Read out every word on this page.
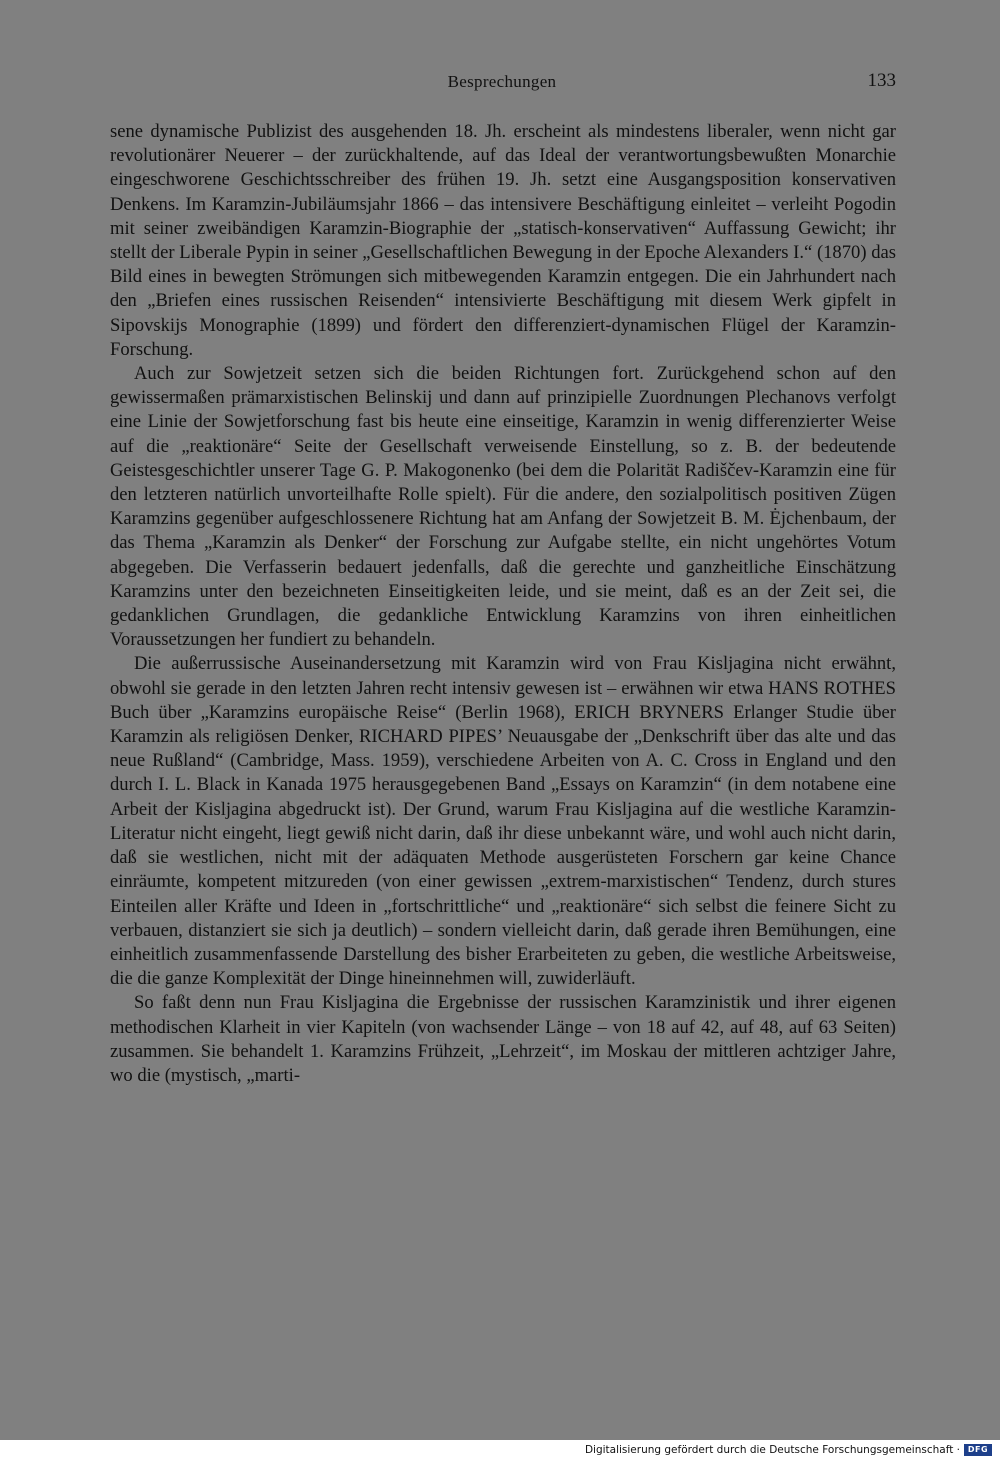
Besprechungen	133

sene dynamische Publizist des ausgehenden 18. Jh. erscheint als mindestens liberaler, wenn nicht gar revolutionärer Neuerer – der zurückhaltende, auf das Ideal der verantwortungsbewußten Monarchie eingeschworene Geschichtsschreiber des frühen 19. Jh. setzt eine Ausgangsposition konservativen Denkens. Im Karamzin-Jubiläumsjahr 1866 – das intensivere Beschäftigung einleitet – verleiht Pogodin mit seiner zweibändigen Karamzin-Biographie der „statisch-konservativen“ Auffassung Gewicht; ihr stellt der Liberale Pypin in seiner „Gesellschaftlichen Bewegung in der Epoche Alexanders I.“ (1870) das Bild eines in bewegten Strömungen sich mitbewegenden Karamzin entgegen. Die ein Jahrhundert nach den „Briefen eines russischen Reisenden“ intensivierte Beschäftigung mit diesem Werk gipfelt in Sipovskijs Monographie (1899) und fördert den differenziert-dynamischen Flügel der Karamzin-Forschung.

Auch zur Sowjetzeit setzen sich die beiden Richtungen fort. Zurückgehend schon auf den gewissermaßen prämarxistischen Belinskij und dann auf prinzipielle Zuordnungen Plechanovs verfolgt eine Linie der Sowjetforschung fast bis heute eine einseitige, Karamzin in wenig differenzierter Weise auf die „reaktionäre“ Seite der Gesellschaft verweisende Einstellung, so z. B. der bedeutende Geistesgeschichtler unserer Tage G. P. Makogonenko (bei dem die Polarität Radiščev-Karamzin eine für den letzteren natürlich unvorteilhafte Rolle spielt). Für die andere, den sozialpolitisch positiven Zügen Karamzins gegenüber aufgeschlossenere Richtung hat am Anfang der Sowjetzeit B. M. Ėjchenbaum, der das Thema „Karamzin als Denker“ der Forschung zur Aufgabe stellte, ein nicht ungehörtes Votum abgegeben. Die Verfasserin bedauert jedenfalls, daß die gerechte und ganzheitliche Einschätzung Karamzins unter den bezeichneten Einseitigkeiten leide, und sie meint, daß es an der Zeit sei, die gedanklichen Grundlagen, die gedankliche Entwicklung Karamzins von ihren einheitlichen Voraussetzungen her fundiert zu behandeln.

Die außerrussische Auseinandersetzung mit Karamzin wird von Frau Kisljagina nicht erwähnt, obwohl sie gerade in den letzten Jahren recht intensiv gewesen ist – erwähnen wir etwa HANS ROTHES Buch über „Karamzins europäische Reise“ (Berlin 1968), ERICH BRYNERS Erlanger Studie über Karamzin als religiösen Denker, RICHARD PIPES’ Neuausgabe der „Denkschrift über das alte und das neue Rußland“ (Cambridge, Mass. 1959), verschiedene Arbeiten von A. C. Cross in England und den durch I. L. Black in Kanada 1975 herausgegebenen Band „Essays on Karamzin“ (in dem notabene eine Arbeit der Kisljagina abgedruckt ist). Der Grund, warum Frau Kisljagina auf die westliche Karamzin-Literatur nicht eingeht, liegt gewiß nicht darin, daß ihr diese unbekannt wäre, und wohl auch nicht darin, daß sie westlichen, nicht mit der adäquaten Methode ausgerüsteten Forschern gar keine Chance einräumte, kompetent mitzureden (von einer gewissen „extrem-marxistischen“ Tendenz, durch stures Einteilen aller Kräfte und Ideen in „fortschrittliche“ und „reaktionäre“ sich selbst die feinere Sicht zu verbauen, distanziert sie sich ja deutlich) – sondern vielleicht darin, daß gerade ihren Bemühungen, eine einheitlich zusammenfassende Darstellung des bisher Erarbeiteten zu geben, die westliche Arbeitsweise, die die ganze Komplexität der Dinge hineinnehmen will, zuwiderläuft.

So faßt denn nun Frau Kisljagina die Ergebnisse der russischen Karamzinistik und ihrer eigenen methodischen Klarheit in vier Kapiteln (von wachsender Länge – von 18 auf 42, auf 48, auf 63 Seiten) zusammen. Sie behandelt 1. Karamzins Frühzeit, „Lehrzeit“, im Moskau der mittleren achtziger Jahre, wo die (mystisch, „marti-

Digitalisierung gefördert durch die Deutsche Forschungsgemeinschaft · DFG
